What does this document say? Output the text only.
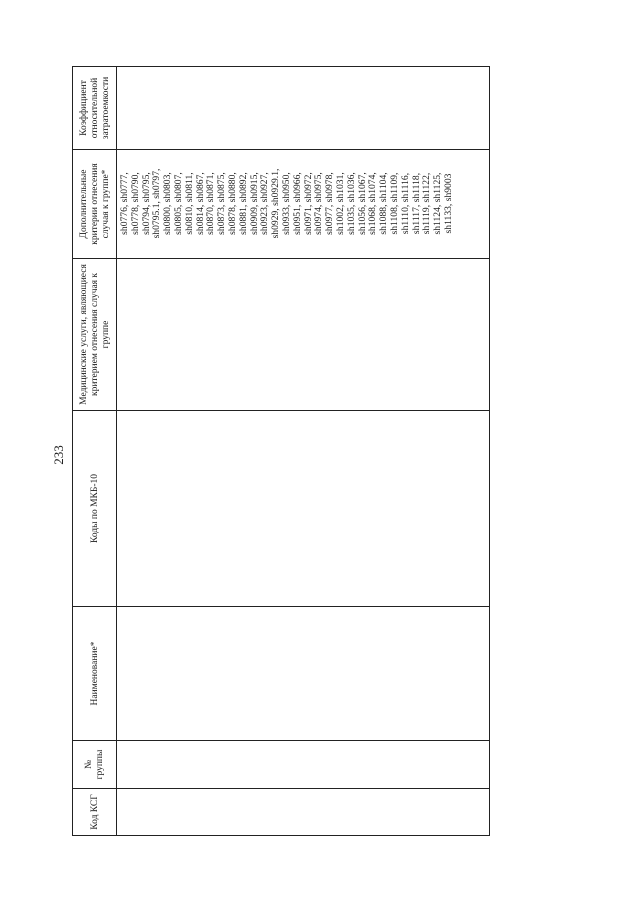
233
Код КСГ
№ группы
Наименование*
Коды по МКБ-10
Медицинские услуги, являющиеся критерием отнесения случая к группе
Дополнительные критерии отнесения случая к группе*
Коэффициент относительной затратоемкости
sh0776, sh0777, sh0778, sh0790, sh0794, sh0795, sh0795.1, sh0797, sh0800, sh0803, sh0805, sh0807, sh0810, sh0811, sh0814, sh0867, sh0870, sh0871, sh0873, sh0875, sh0878, sh0880, sh0881, sh0892, sh0909, sh0915, sh0923, sh0927, sh0929, sh0929.1, sh0933, sh0950, sh0951, sh0966, sh0971, sh0972, sh0974, sh0975, sh0977, sh0978, sh1002, sh1031, sh1035, sh1036, sh1056, sh1067, sh1068, sh1074, sh1088, sh1104, sh1108, sh1109, sh1110, sh1116, sh1117, sh1118, sh1119, sh1122, sh1124, sh1125, sh1133, sh9003
